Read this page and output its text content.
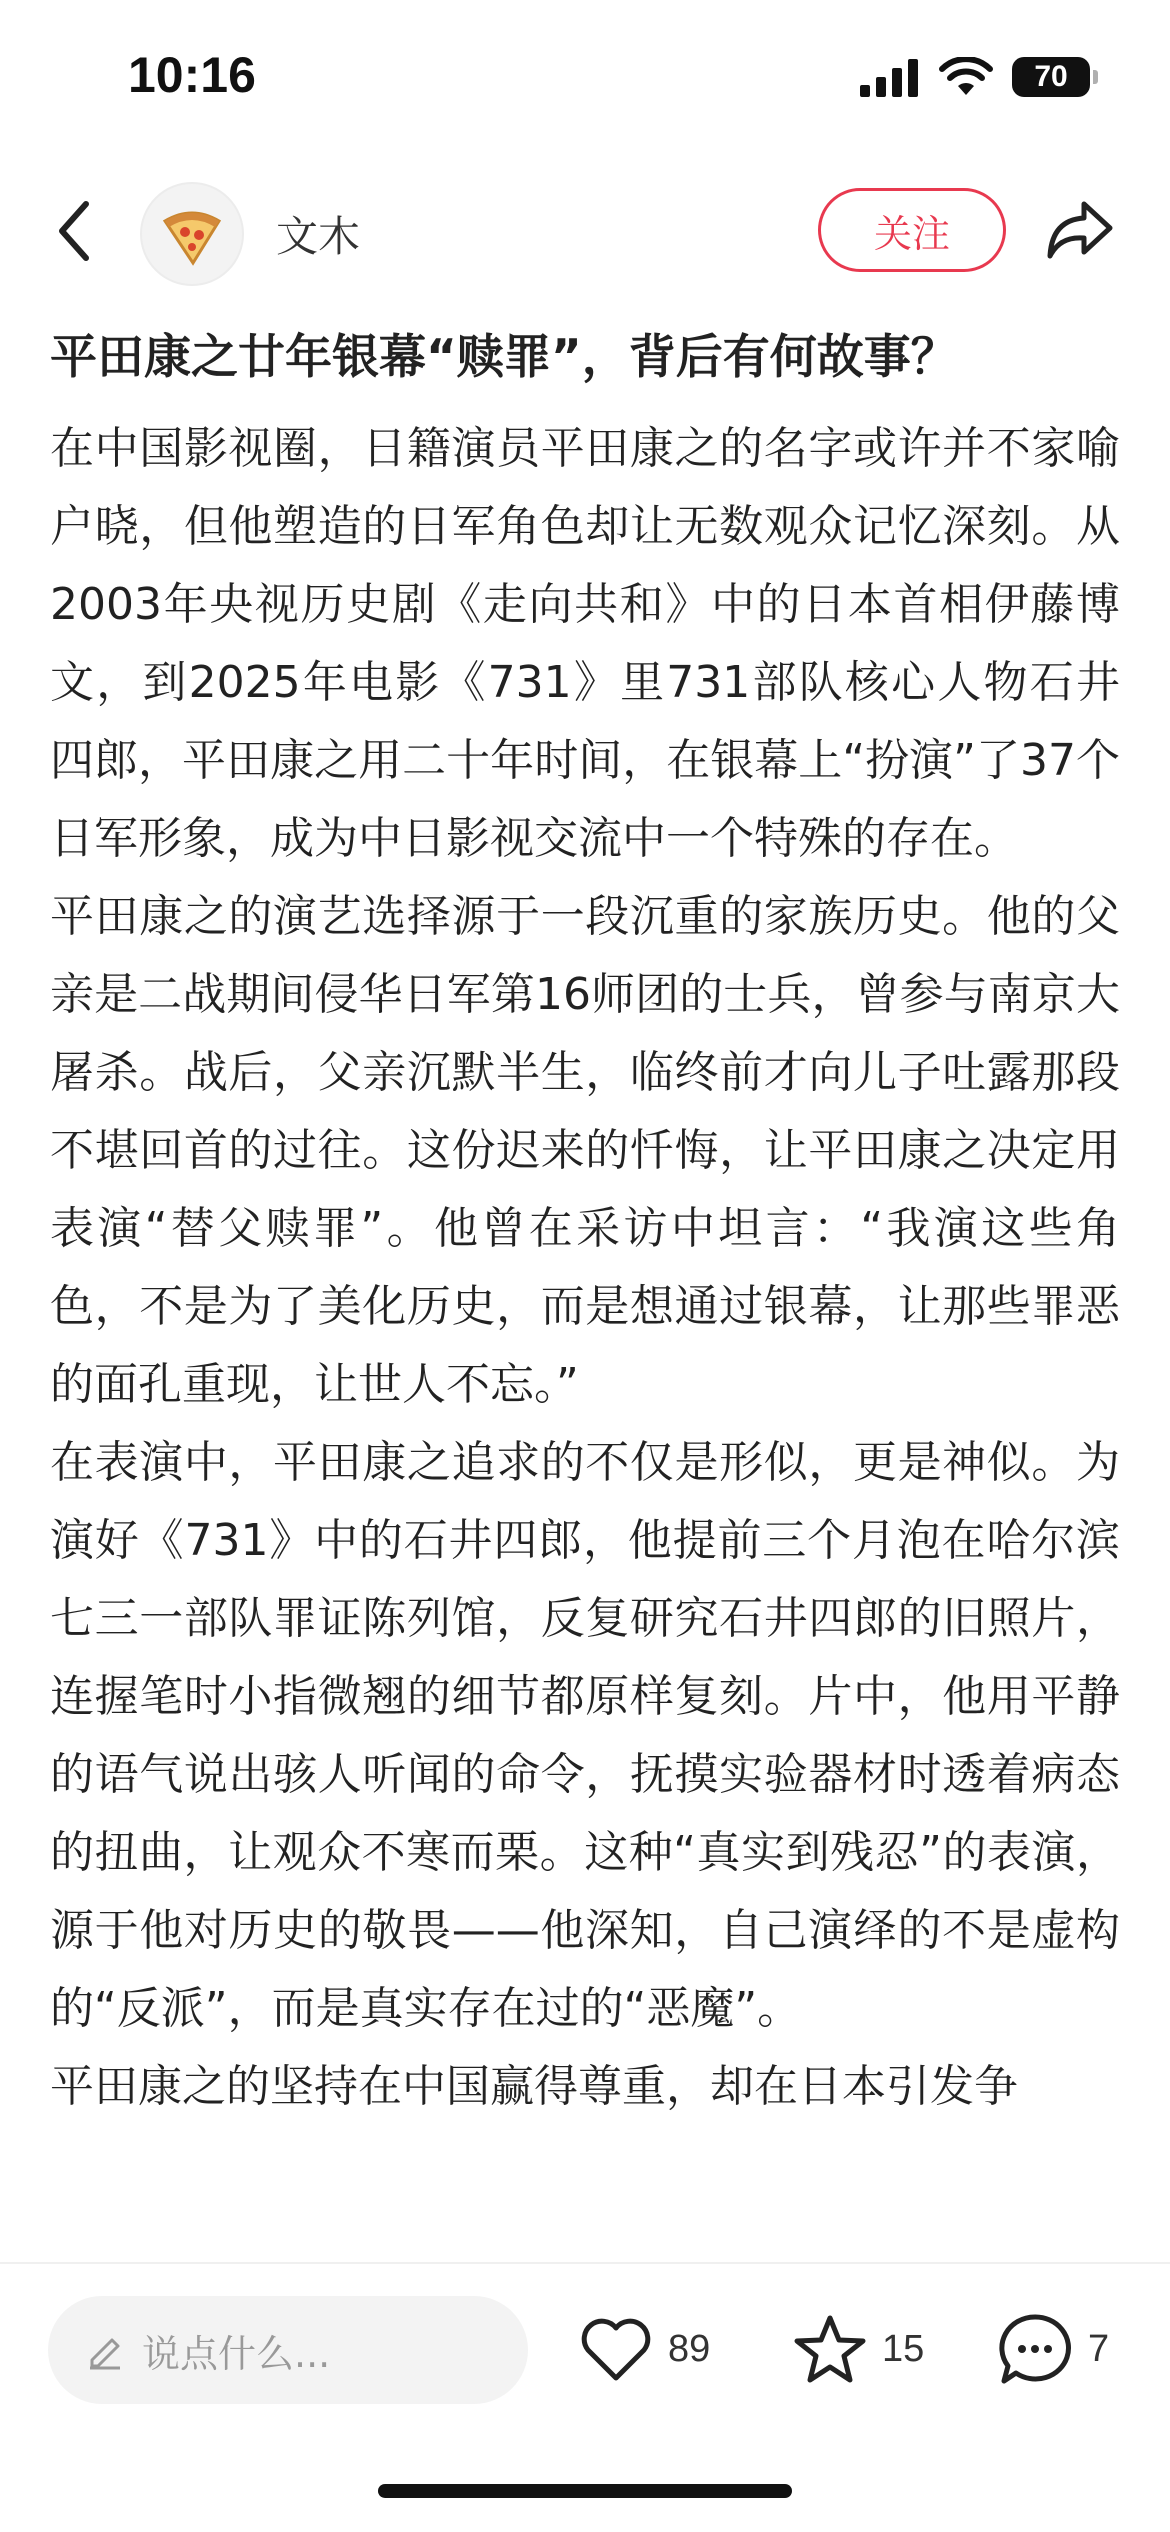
10:16	70
文木	关注
平田康之廿年银幕“赎罪”，背后有何故事？

在中国影视圈，日籍演员平田康之的名字或许并不家喻户晓，但他塑造的日军角色却让无数观众记忆深刻。从2003年央视历史剧《走向共和》中的日本首相伊藤博文，到2025年电影《731》里731部队核心人物石井四郎，平田康之用二十年时间，在银幕上“扮演”了37个日军形象，成为中日影视交流中一个特殊的存在。

平田康之的演艺选择源于一段沉重的家族历史。他的父亲是二战期间侵华日军第16师团的士兵，曾参与南京大屠杀。战后，父亲沉默半生，临终前才向儿子吐露那段不堪回首的过往。这份迟来的忏悔，让平田康之决定用表演“替父赎罪”。他曾在采访中坦言：“我演这些角色，不是为了美化历史，而是想通过银幕，让那些罪恶的面孔重现，让世人不忘。”

在表演中，平田康之追求的不仅是形似，更是神似。为演好《731》中的石井四郎，他提前三个月泡在哈尔滨七三一部队罪证陈列馆，反复研究石井四郎的旧照片，连握笔时小指微翘的细节都原样复刻。片中，他用平静的语气说出骇人听闻的命令，抚摸实验器材时透着病态的扭曲，让观众不寒而栗。这种“真实到残忍”的表演，源于他对历史的敬畏——他深知，自己演绎的不是虚构的“反派”，而是真实存在过的“恶魔”。

平田康之的坚持在中国赢得尊重，却在日本引发争

说点什么...	89	15	7
